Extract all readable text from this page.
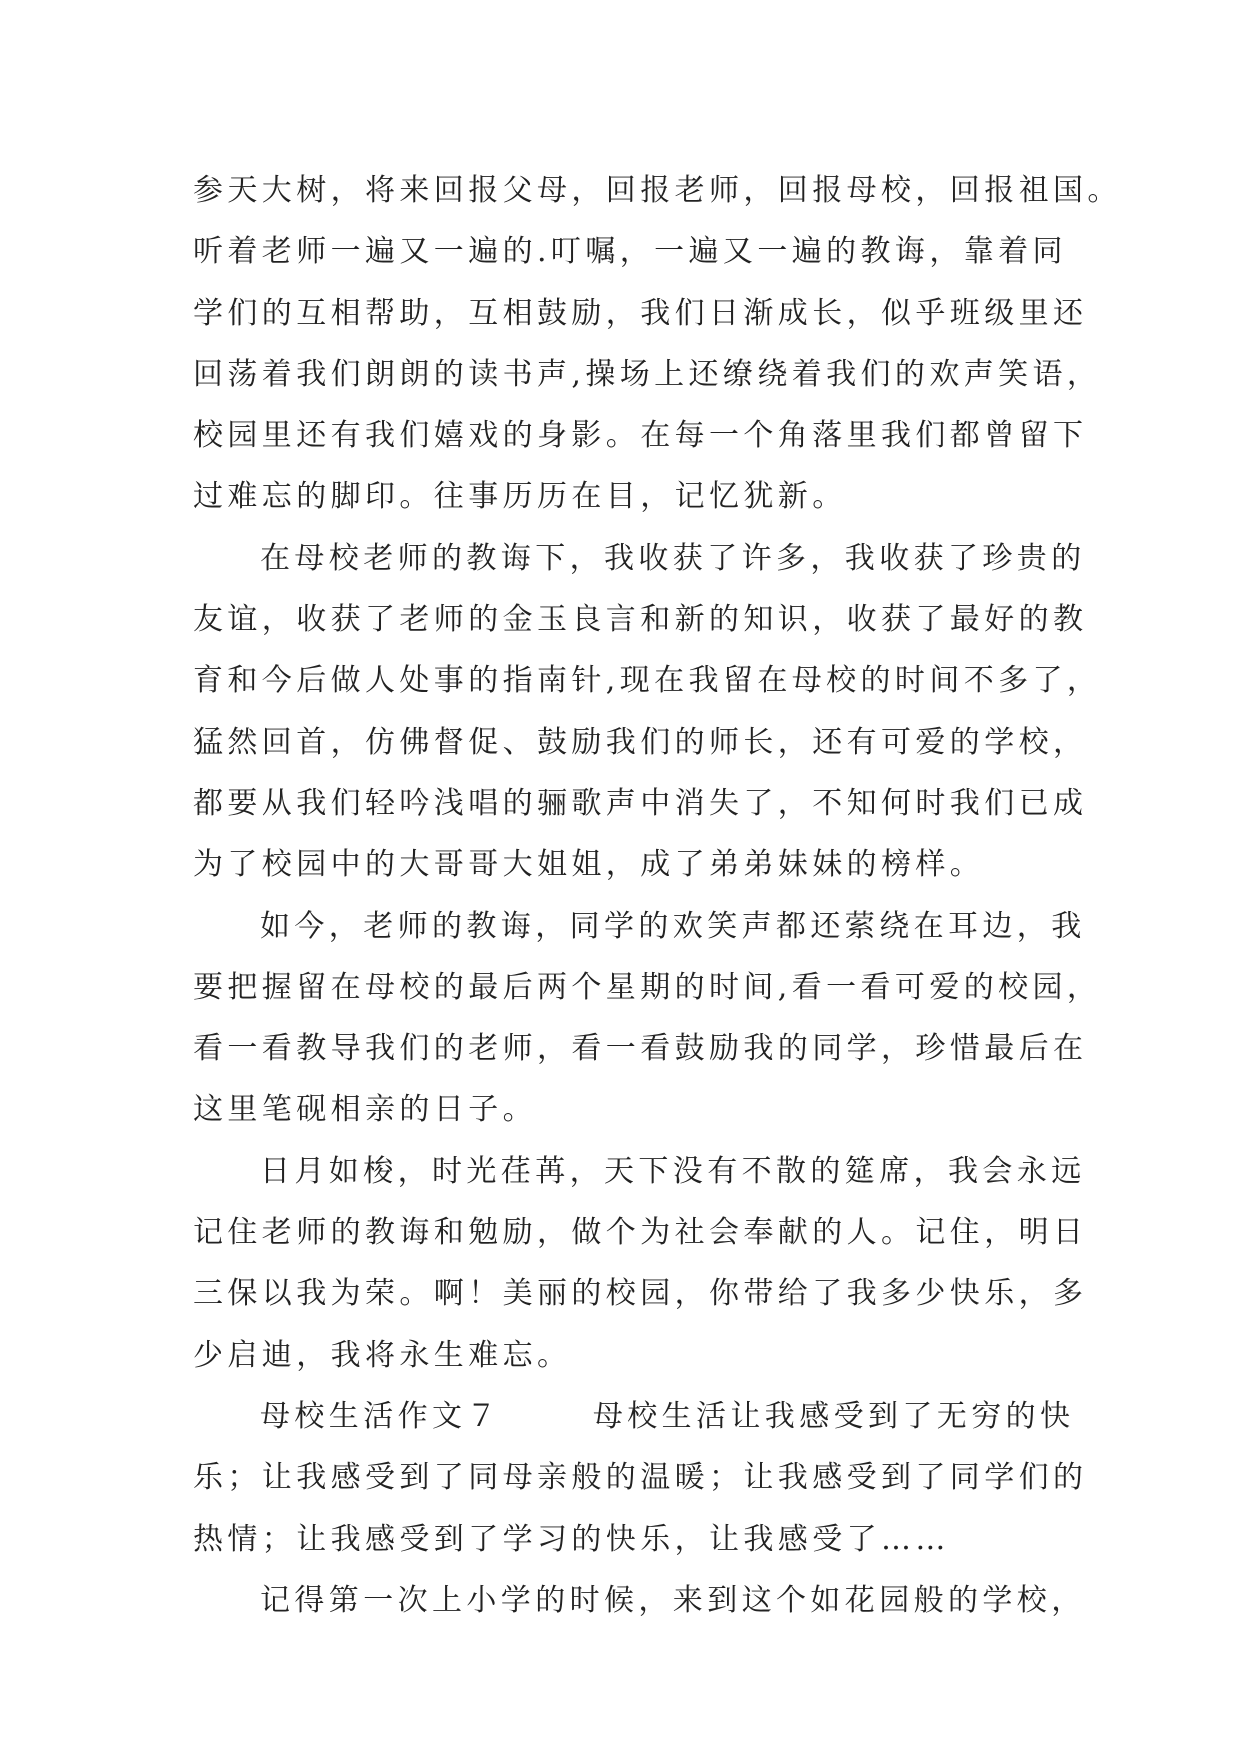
参天大树，将来回报父母，回报老师，回报母校，回报祖国。
听着老师一遍又一遍的.叮嘱，一遍又一遍的教诲，靠着同
学们的互相帮助，互相鼓励，我们日渐成长，似乎班级里还
回荡着我们朗朗的读书声,操场上还缭绕着我们的欢声笑语，
校园里还有我们嬉戏的身影。在每一个角落里我们都曾留下
过难忘的脚印。往事历历在目，记忆犹新。
在母校老师的教诲下，我收获了许多，我收获了珍贵的
友谊，收获了老师的金玉良言和新的知识，收获了最好的教
育和今后做人处事的指南针,现在我留在母校的时间不多了，
猛然回首，仿佛督促、鼓励我们的师长，还有可爱的学校，
都要从我们轻吟浅唱的骊歌声中消失了，不知何时我们已成
为了校园中的大哥哥大姐姐，成了弟弟妹妹的榜样。
如今，老师的教诲，同学的欢笑声都还萦绕在耳边，我
要把握留在母校的最后两个星期的时间,看一看可爱的校园，
看一看教导我们的老师，看一看鼓励我的同学，珍惜最后在
这里笔砚相亲的日子。
日月如梭，时光荏苒，天下没有不散的筵席，我会永远
记住老师的教诲和勉励，做个为社会奉献的人。记住，明日
三保以我为荣。啊！美丽的校园，你带给了我多少快乐，多
少启迪，我将永生难忘。
母校生活作文７	母校生活让我感受到了无穷的快
乐；让我感受到了同母亲般的温暖；让我感受到了同学们的
热情；让我感受到了学习的快乐，让我感受了……
记得第一次上小学的时候，来到这个如花园般的学校，
